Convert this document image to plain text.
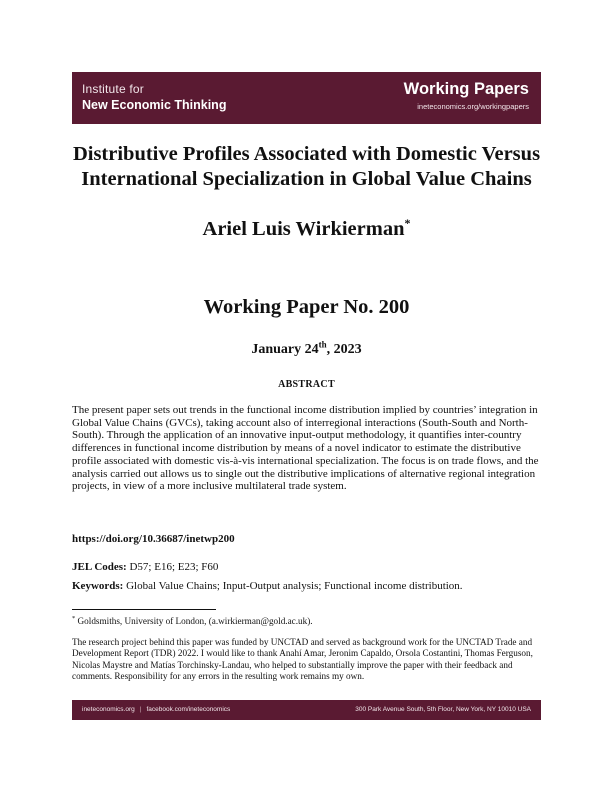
Institute for
New Economic Thinking
Working Papers
ineteconomics.org/workingpapers
Distributive Profiles Associated with Domestic Versus International Specialization in Global Value Chains
Ariel Luis Wirkierman*
Working Paper No. 200
January 24th, 2023
ABSTRACT

The present paper sets out trends in the functional income distribution implied by countries’ integration in Global Value Chains (GVCs), taking account also of interregional interactions (South-South and North-South). Through the application of an innovative input-output methodology, it quantifies inter-country differences in functional income distribution by means of a novel indicator to estimate the distributive profile associated with domestic vis-à-vis international specialization. The focus is on trade flows, and the analysis carried out allows us to single out the distributive implications of alternative regional integration projects, in view of a more inclusive multilateral trade system.

https://doi.org/10.36687/inetwp200
JEL Codes: D57; E16; E23; F60
Keywords: Global Value Chains; Input-Output analysis; Functional income distribution.
* Goldsmiths, University of London, (a.wirkierman@gold.ac.uk).

The research project behind this paper was funded by UNCTAD and served as background work for the UNCTAD Trade and Development Report (TDR) 2022. I would like to thank Anahí Amar, Jeronim Capaldo, Orsola Costantini, Thomas Ferguson, Nicolas Maystre and Matías Torchinsky-Landau, who helped to substantially improve the paper with their feedback and comments. Responsibility for any errors in the resulting work remains my own.

ineteconomics.org | facebook.com/ineteconomics	300 Park Avenue South, 5th Floor, New York, NY 10010 USA
